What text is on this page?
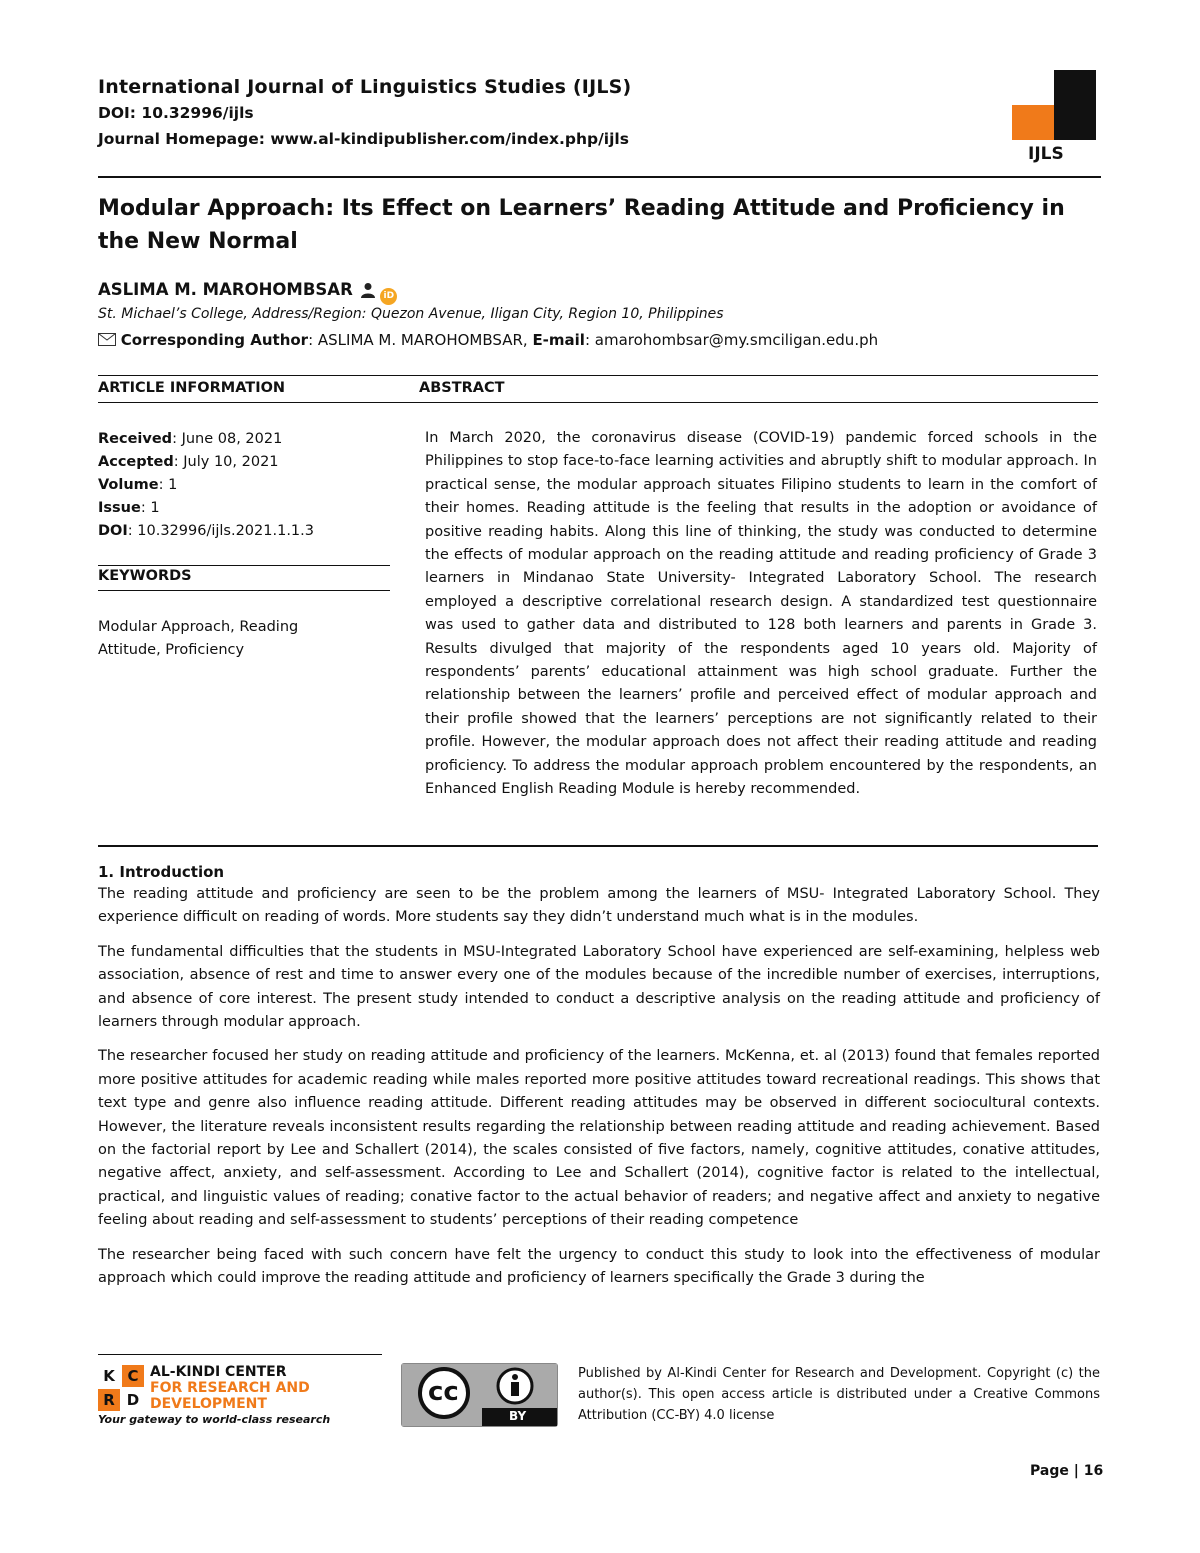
International Journal of Linguistics Studies (IJLS)
DOI: 10.32996/ijls
Journal Homepage: www.al-kindipublisher.com/index.php/ijls
IJLS
Modular Approach: Its Effect on Learners’ Reading Attitude and Proficiency in the New Normal
ASLIMA M. MAROHOMBSAR	iD
St. Michael’s College, Address/Region: Quezon Avenue, Iligan City, Region 10, Philippines
Corresponding Author: ASLIMA M. MAROHOMBSAR, E-mail: amarohombsar@my.smciligan.edu.ph
ARTICLE INFORMATION	ABSTRACT

Received: June 08, 2021

Accepted: July 10, 2021

Volume: 1

Issue: 1

DOI: 10.32996/ijls.2021.1.1.3

KEYWORDS
Modular Approach, Reading Attitude, Proficiency

In March 2020, the coronavirus disease (COVID-19) pandemic forced schools in the Philippines to stop face-to-face learning activities and abruptly shift to modular approach. In practical sense, the modular approach situates Filipino students to learn in the comfort of their homes. Reading attitude is the feeling that results in the adoption or avoidance of positive reading habits. Along this line of thinking, the study was conducted to determine the effects of modular approach on the reading attitude and reading proficiency of Grade 3 learners in Mindanao State University- Integrated Laboratory School. The research employed a descriptive correlational research design. A standardized test questionnaire was used to gather data and distributed to 128 both learners and parents in Grade 3. Results divulged that majority of the respondents aged 10 years old. Majority of respondents’ parents’ educational attainment was high school graduate. Further the relationship between the learners’ profile and perceived effect of modular approach and their profile showed that the learners’ perceptions are not significantly related to their profile. However, the modular approach does not affect their reading attitude and reading proficiency. To address the modular approach problem encountered by the respondents, an Enhanced English Reading Module is hereby recommended.

1. Introduction

The reading attitude and proficiency are seen to be the problem among the learners of MSU- Integrated Laboratory School. They experience difficult on reading of words. More students say they didn’t understand much what is in the modules.

The fundamental difficulties that the students in MSU-Integrated Laboratory School have experienced are self-examining, helpless web association, absence of rest and time to answer every one of the modules because of the incredible number of exercises, interruptions, and absence of core interest. The present study intended to conduct a descriptive analysis on the reading attitude and proficiency of learners through modular approach.

The researcher focused her study on reading attitude and proficiency of the learners. McKenna, et. al (2013) found that females reported more positive attitudes for academic reading while males reported more positive attitudes toward recreational readings. This shows that text type and genre also influence reading attitude. Different reading attitudes may be observed in different sociocultural contexts. However, the literature reveals inconsistent results regarding the relationship between reading attitude and reading achievement. Based on the factorial report by Lee and Schallert (2014), the scales consisted of five factors, namely, cognitive attitudes, conative attitudes, negative affect, anxiety, and self-assessment. According to Lee and Schallert (2014), cognitive factor is related to the intellectual, practical, and linguistic values of reading; conative factor to the actual behavior of readers; and negative affect and anxiety to negative feeling about reading and self-assessment to students’ perceptions of their reading competence

The researcher being faced with such concern have felt the urgency to conduct this study to look into the effectiveness of modular approach which could improve the reading attitude and proficiency of learners specifically the Grade 3 during the

K C
R D
AL-KINDI CENTER
FOR RESEARCH AND DEVELOPMENT
Your gateway to world-class research
cc
BY
Published by Al-Kindi Center for Research and Development. Copyright (c) the author(s). This open access article is distributed under a Creative Commons Attribution (CC-BY) 4.0 license
Page | 16
